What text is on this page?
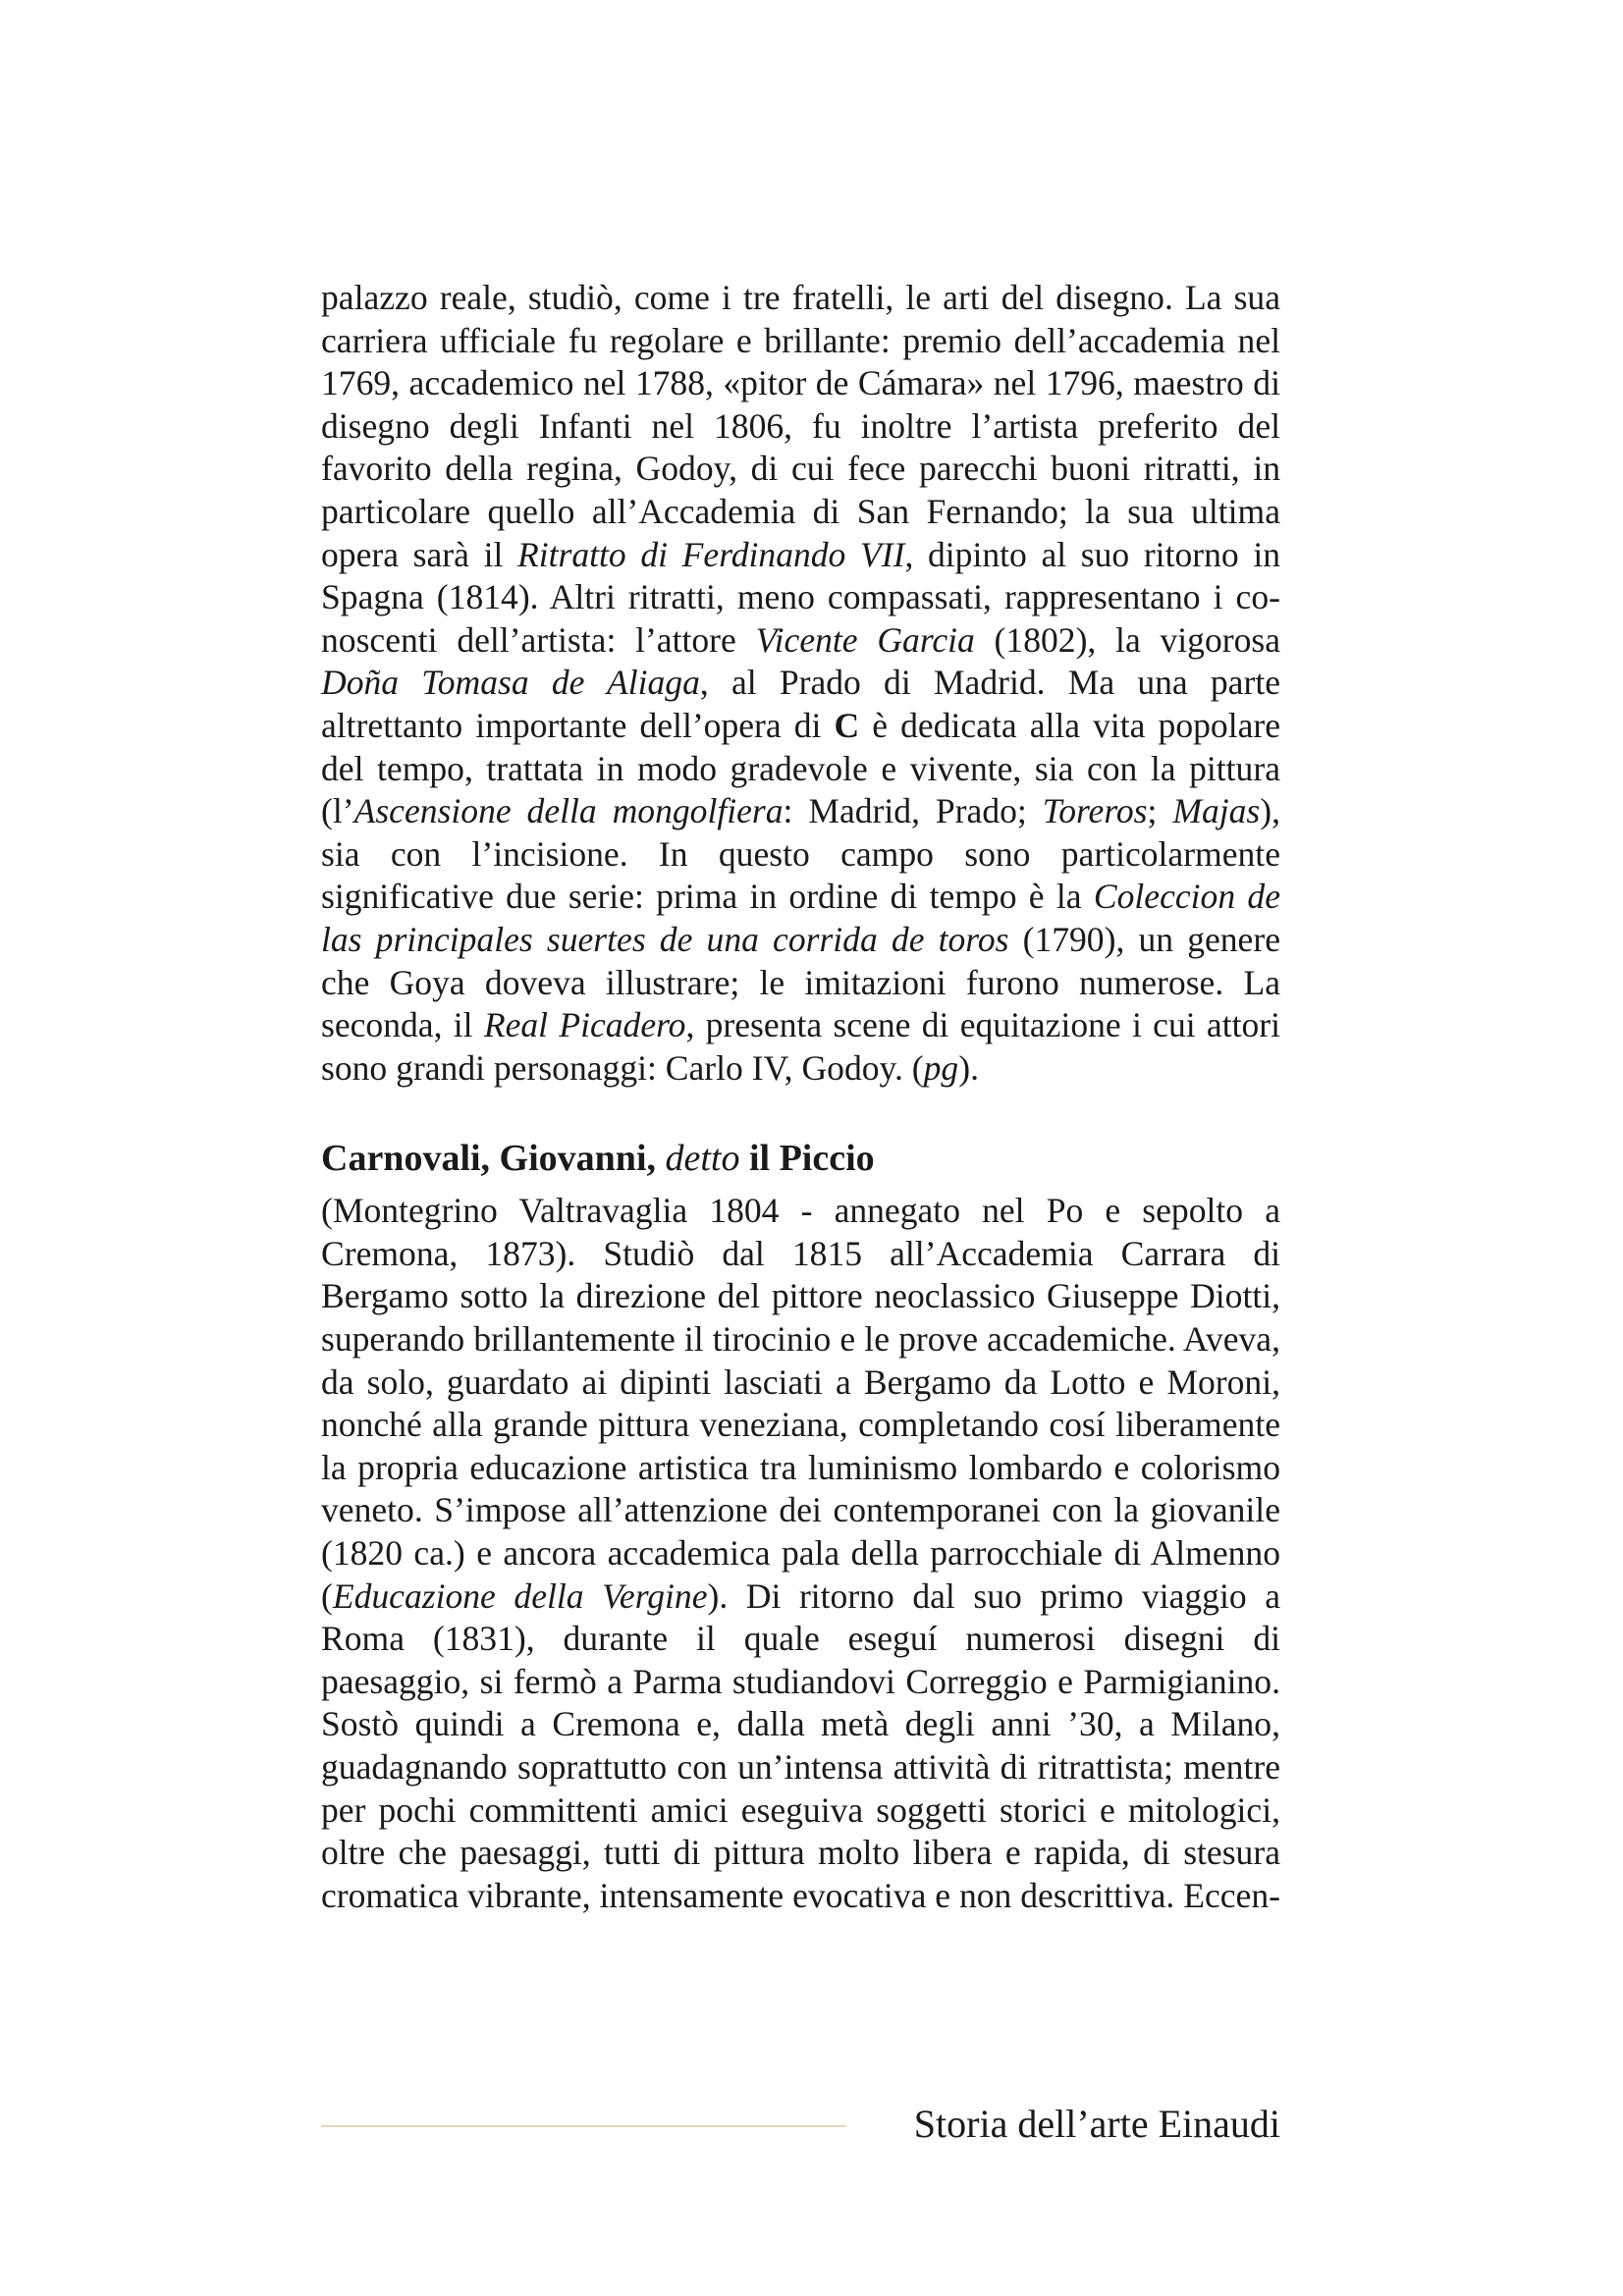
palazzo reale, studiò, come i tre fratelli, le arti del disegno. La sua carriera ufficiale fu regolare e brillante: premio dell’accademia nel 1769, accademico nel 1788, «pitor de Cámara» nel 1796, maestro di disegno degli Infanti nel 1806, fu inoltre l’artista preferito del favorito della regina, Godoy, di cui fece parecchi buoni ritratti, in particolare quello all’Accademia di San Fernando; la sua ultima opera sarà il Ritratto di Ferdinando VII, dipinto al suo ritorno in Spagna (1814). Altri ritratti, meno compassati, rappresentano i conoscenti dell’artista: l’attore Vicente Garcia (1802), la vigorosa Doña Tomasa de Aliaga, al Prado di Madrid. Ma una parte altrettanto importante dell’opera di C è dedicata alla vita popolare del tempo, trattata in modo gradevole e vivente, sia con la pittura (l’Ascensione della mongolfiera: Madrid, Prado; Toreros; Majas), sia con l’incisione. In questo campo sono particolarmente significative due serie: prima in ordine di tempo è la Coleccion de las principales suertes de una corrida de toros (1790), un genere che Goya doveva illustrare; le imitazioni furono numerose. La seconda, il Real Picadero, presenta scene di equitazione i cui attori sono grandi personaggi: Carlo IV, Godoy. (pg).

Carnovali, Giovanni, detto il Piccio

(Montegrino Valtravaglia 1804 - annegato nel Po e sepolto a Cremona, 1873). Studiò dal 1815 all’Accademia Carrara di Bergamo sotto la direzione del pittore neoclassico Giuseppe Diotti, superando brillantemente il tirocinio e le prove accademiche. Aveva, da solo, guardato ai dipinti lasciati a Bergamo da Lotto e Moroni, nonché alla grande pittura veneziana, completando cosí liberamente la propria educazione artistica tra luminismo lombardo e colorismo veneto. S’impose all’attenzione dei contemporanei con la giovanile (1820 ca.) e ancora accademica pala della parrocchiale di Almenno (Educazione della Vergine). Di ritorno dal suo primo viaggio a Roma (1831), durante il quale eseguí numerosi disegni di paesaggio, si fermò a Parma studiandovi Correggio e Parmigianino. Sostò quindi a Cremona e, dalla metà degli anni ’30, a Milano, guadagnando soprattutto con un’intensa attività di ritrattista; mentre per pochi committenti amici eseguiva soggetti storici e mitologici, oltre che paesaggi, tutti di pittura molto libera e rapida, di stesura cromatica vibrante, intensamente evocativa e non descrittiva. Eccen-

Storia dell’arte Einaudi
